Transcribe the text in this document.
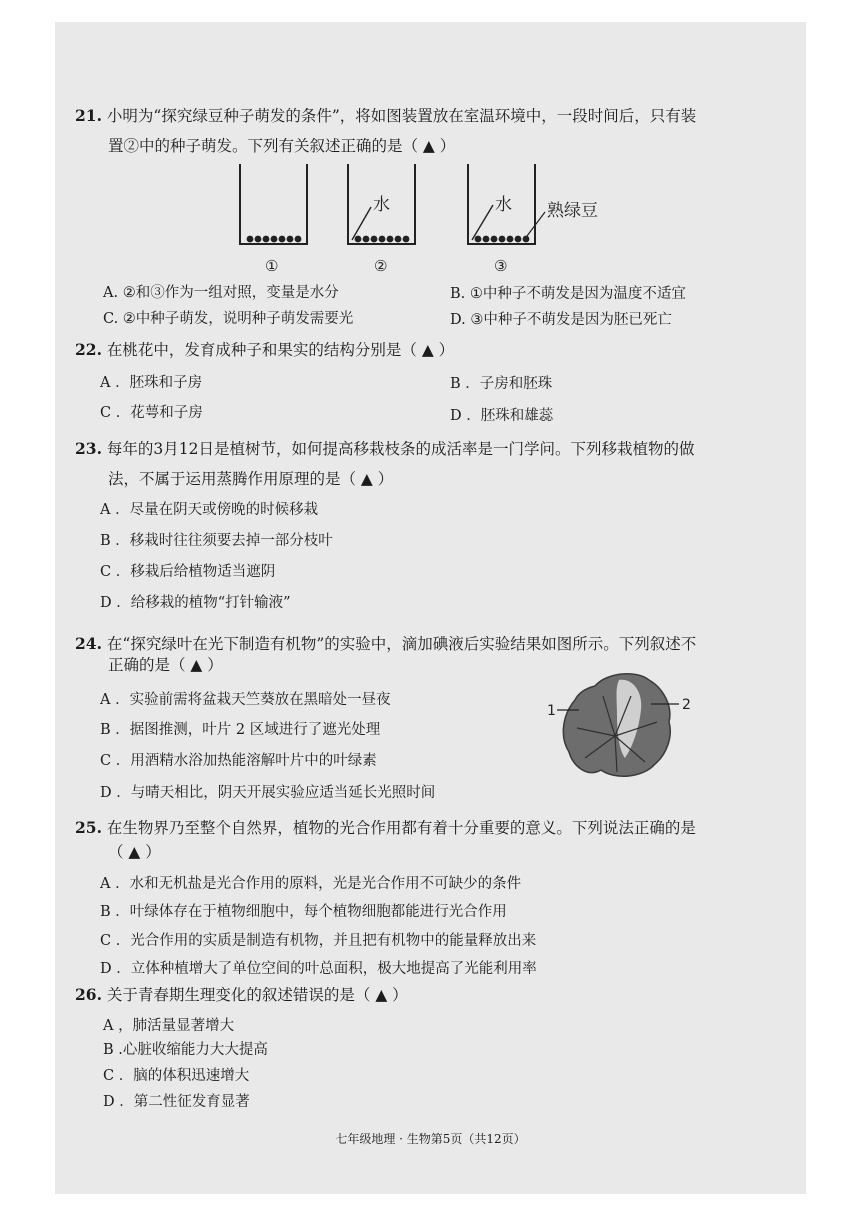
21. 小明为“探究绿豆种子萌发的条件”，将如图装置放在室温环境中，一段时间后，只有装
置②中的种子萌发。下列有关叙述正确的是（ ▲ ）
水	水 熟绿豆
①	②	③
A. ②和③作为一组对照，变量是水分	B. ①中种子不萌发是因为温度不适宜
C. ②中种子萌发，说明种子萌发需要光	D. ③中种子不萌发是因为胚已死亡
22. 在桃花中，发育成种子和果实的结构分别是（ ▲ ）
A ．胚珠和子房	B ．子房和胚珠
C ．花萼和子房	D ．胚珠和雄蕊
23. 每年的3月12日是植树节，如何提高移栽枝条的成活率是一门学问。下列移栽植物的做
法，不属于运用蒸腾作用原理的是（ ▲ ）
A ．尽量在阴天或傍晚的时候移栽
B ．移栽时往往须要去掉一部分枝叶
C ．移栽后给植物适当遮阴
D ．给移栽的植物“打针输液”
24. 在“探究绿叶在光下制造有机物”的实验中，滴加碘液后实验结果如图所示。下列叙述不
正确的是（ ▲ ）
A ．实验前需将盆栽天竺葵放在黑暗处一昼夜
B ．据图推测，叶片 2 区域进行了遮光处理
C ．用酒精水浴加热能溶解叶片中的叶绿素
D ．与晴天相比，阴天开展实验应适当延长光照时间
1	2
25. 在生物界乃至整个自然界，植物的光合作用都有着十分重要的意义。下列说法正确的是
（ ▲ ）
A ．水和无机盐是光合作用的原料，光是光合作用不可缺少的条件
B ．叶绿体存在于植物细胞中，每个植物细胞都能进行光合作用
C ．光合作用的实质是制造有机物，并且把有机物中的能量释放出来
D ．立体种植增大了单位空间的叶总面积，极大地提高了光能利用率
26. 关于青春期生理变化的叙述错误的是（ ▲ ）
A ，肺活量显著增大
B .心脏收缩能力大大提高
C ．脑的体积迅速增大
D ．第二性征发育显著
七年级地理 · 生物第5页（共12页）
